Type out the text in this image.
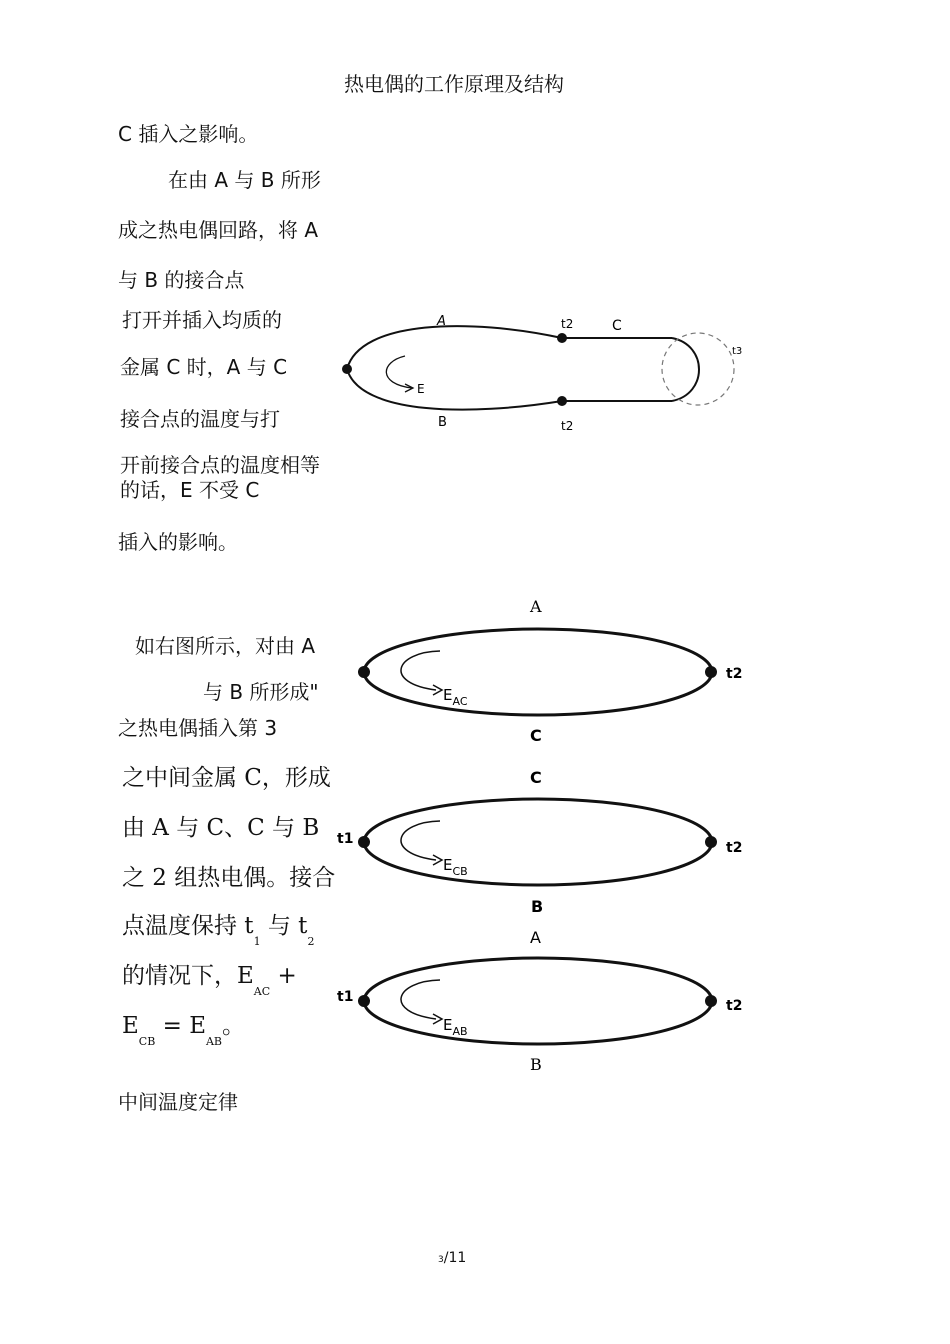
热电偶的工作原理及结构
C 插入之影响。
在由 A 与 B 所形
成之热电偶回路，将 A
与 B 的接合点
打开并插入均质的
金属 C 时，A 与 C
接合点的温度与打
开前接合点的温度相等
的话，E 不受 C
插入的影响。
A
B
C
E
t2
t2
t3
如右图所示，对由 A
与 B 所形成"
之热电偶插入第 3
之中间金属 C，形成
由 A 与 C、C 与 B
之 2 组热电偶。接合
点温度保持 $t_1$ 与 $t_2$
的情况下，$E_{AC}$ +
$E_{CB} = E_{AB}$。
A
C
$E_{AC}$
t2
C
B
$E_{CB}$
t1
t2
A
B
$E_{AB}$
t1
t2
中间温度定律
3/11
